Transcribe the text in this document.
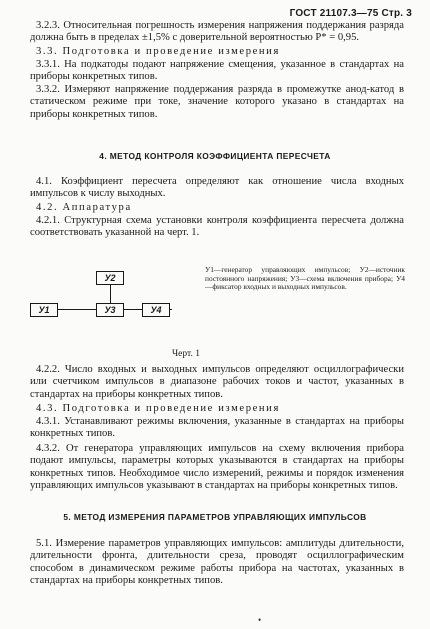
ГОСТ 21107.3—75 Стр. 3
3.2.3. Относительная погрешность измерения напряжения поддержания разряда должна быть в пределах ±1,5% с доверительной вероятностью P* = 0,95.
3.3. Подготовка и проведение измерения
3.3.1. На подкатоды подают напряжение смещения, указанное в стандартах на приборы конкретных типов.
3.3.2. Измеряют напряжение поддержания разряда в промежутке анод-катод в статическом режиме при токе, значение которого указано в стандартах на приборы конкретных типов.
4. МЕТОД КОНТРОЛЯ КОЭФФИЦИЕНТА ПЕРЕСЧЕТА
4.1. Коэффициент пересчета определяют как отношение числа входных импульсов к числу выходных.
4.2. Аппаратура
4.2.1. Структурная схема установки контроля коэффициента пересчета должна соответствовать указанной на черт. 1.
У2
У1	У3	У4
У1—генератор управляющих импульсов; У2—источник постоянного напряжения; У3—схема включения прибора; У4—фиксатор входных и выходных импульсов.
Черт. 1
4.2.2. Число входных и выходных импульсов определяют осциллографически или счетчиком импульсов в диапазоне рабочих токов и частот, указанных в стандартах на приборы конкретных типов.
4.3. Подготовка и проведение измерения
4.3.1. Устанавливают режимы включения, указанные в стандартах на приборы конкретных типов.
4.3.2. От генератора управляющих импульсов на схему включения прибора подают импульсы, параметры которых указываются в стандартах на приборы конкретных типов. Необходимое число измерений, режимы и порядок изменения управляющих импульсов указывают в стандартах на приборы конкретных типов.
5. МЕТОД ИЗМЕРЕНИЯ ПАРАМЕТРОВ УПРАВЛЯЮЩИХ ИМПУЛЬСОВ
5.1. Измерение параметров управляющих импульсов: амплитуды длительности, длительности фронта, длительности среза, проводят осциллографическим способом в динамическом режиме работы прибора на частотах, указанных в стандартах на приборы конкретных типов.
•
